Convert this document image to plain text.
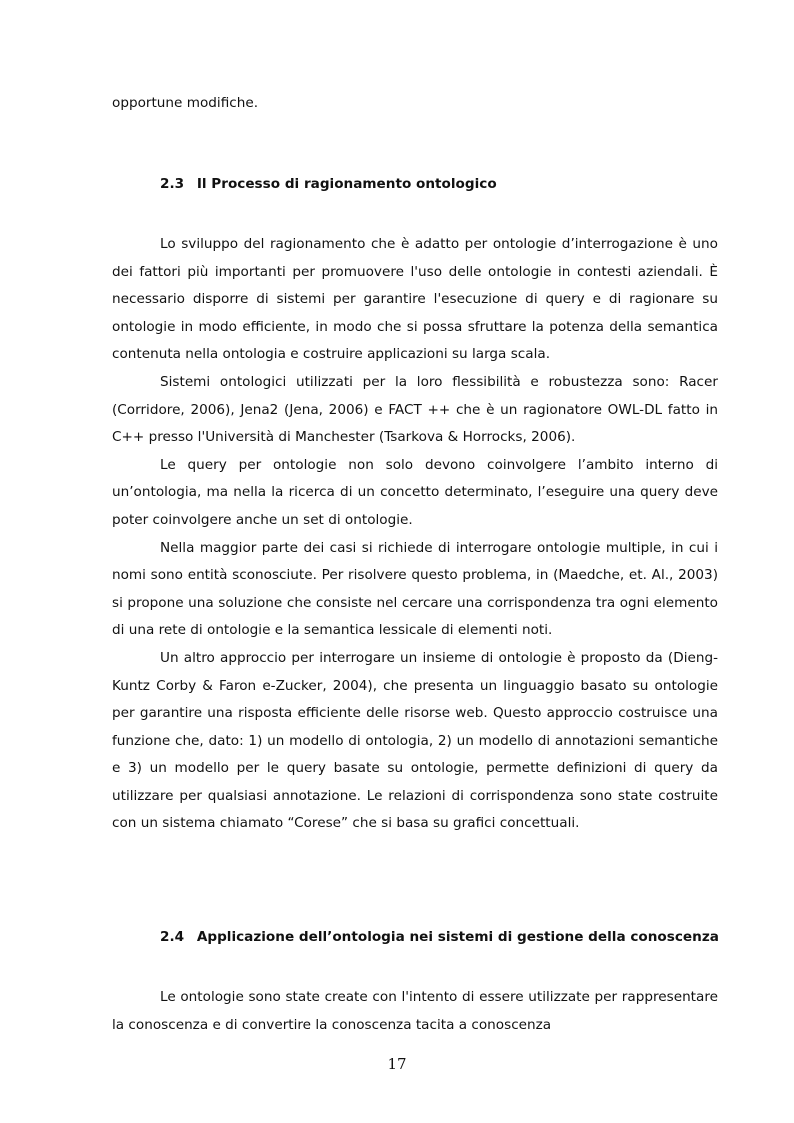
opportune modifiche.

2.3 Il Processo di ragionamento ontologico

Lo sviluppo del ragionamento che è adatto per ontologie d’interrogazione è uno dei fattori più importanti per promuovere l'uso delle ontologie in contesti aziendali. È necessario disporre di sistemi per garantire l'esecuzione di query e di ragionare su ontologie in modo efficiente, in modo che si possa sfruttare la potenza della semantica contenuta nella ontologia e costruire applicazioni su larga scala.

Sistemi ontologici utilizzati per la loro flessibilità e robustezza sono: Racer (Corridore, 2006), Jena2 (Jena, 2006) e FACT ++ che è un ragionatore OWL-DL fatto in C++ presso l'Università di Manchester (Tsarkova & Horrocks, 2006).

Le query per ontologie non solo devono coinvolgere l’ambito interno di un’ontologia, ma nella la ricerca di un concetto determinato, l’eseguire una query deve poter coinvolgere anche un set di ontologie.

Nella maggior parte dei casi si richiede di interrogare ontologie multiple, in cui i nomi sono entità sconosciute. Per risolvere questo problema, in (Maedche, et. Al., 2003) si propone una soluzione che consiste nel cercare una corrispondenza tra ogni elemento di una rete di ontologie e la semantica lessicale di elementi noti.

Un altro approccio per interrogare un insieme di ontologie è proposto da (Dieng-Kuntz Corby & Faron e-Zucker, 2004), che presenta un linguaggio basato su ontologie per garantire una risposta efficiente delle risorse web. Questo approccio costruisce una funzione che, dato: 1) un modello di ontologia, 2) un modello di annotazioni semantiche e 3) un modello per le query basate su ontologie, permette definizioni di query da utilizzare per qualsiasi annotazione. Le relazioni di corrispondenza sono state costruite con un sistema chiamato “Corese” che si basa su grafici concettuali.

2.4 Applicazione dell’ontologia nei sistemi di gestione della conoscenza

Le ontologie sono state create con l'intento di essere utilizzate per rappresentare la conoscenza e di convertire la conoscenza tacita a conoscenza

17
